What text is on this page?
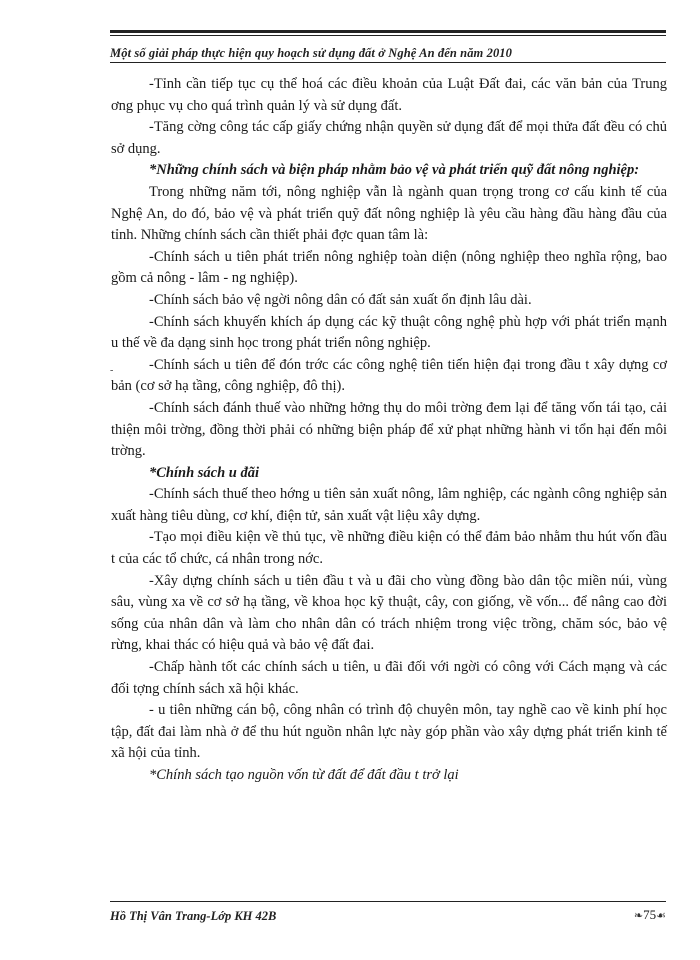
Một số giải pháp thực hiện quy hoạch sử dụng đất ở Nghệ An đến năm 2010
-

-Tỉnh cần tiếp tục cụ thể hoá các điều khoản của Luật Đất đai, các văn bản của Trung ơng phục vụ cho quá trình quản lý và sử dụng đất.

-Tăng cờng công tác cấp giấy chứng nhận quyền sử dụng đất để mọi thửa đất đều có chủ sở dụng.

*Những chính sách và biện pháp nhằm bảo vệ và phát triển quỹ đất nông nghiệp:

Trong những năm tới, nông nghiệp vẫn là ngành quan trọng trong cơ cấu kinh tế của Nghệ An, do đó, bảo vệ và phát triển quỹ đất nông nghiệp là yêu cầu hàng đầu hàng đầu của tỉnh. Những chính sách cần thiết phải đợc quan tâm là:

-Chính sách u tiên phát triển nông nghiệp toàn diện (nông nghiệp theo nghĩa rộng, bao gồm cả nông - lâm - ng nghiệp).

-Chính sách bảo vệ ngời nông dân có đất sản xuất ổn định lâu dài.

-Chính sách khuyến khích áp dụng các kỹ thuật công nghệ phù hợp với phát triển mạnh u thế về đa dạng sinh học trong phát triển nông nghiệp.

-Chính sách u tiên để đón trớc các công nghệ tiên tiến hiện đại trong đầu t xây dựng cơ bản (cơ sở hạ tầng, công nghiệp, đô thị).

-Chính sách đánh thuế vào những hởng thụ do môi trờng đem lại để tăng vốn tái tạo, cải thiện môi trờng, đồng thời phải có những biện pháp để xử phạt những hành vi tổn hại đến môi trờng.

*Chính sách u đãi

-Chính sách thuế theo hớng u tiên sản xuất nông, lâm nghiệp, các ngành công nghiệp sản xuất hàng tiêu dùng, cơ khí, điện tử, sản xuất vật liệu xây dựng.

-Tạo mọi điều kiện về thủ tục, về những điều kiện có thể đảm bảo nhằm thu hút vốn đầu t của các tổ chức, cá nhân trong nớc.

-Xây dựng chính sách u tiên đầu t và u đãi cho vùng đồng bào dân tộc miền núi, vùng sâu, vùng xa về cơ sở hạ tầng, về khoa học kỹ thuật, cây, con giống, về vốn... để nâng cao đời sống của nhân dân và làm cho nhân dân có trách nhiệm trong việc trồng, chăm sóc, bảo vệ rừng, khai thác có hiệu quả và bảo vệ đất đai.

-Chấp hành tốt các chính sách u tiên, u đãi đối với ngời có công với Cách mạng và các đối tợng chính sách xã hội khác.

- u tiên những cán bộ, công nhân có trình độ chuyên môn, tay nghề cao về kinh phí học tập, đất đai làm nhà ở để thu hút nguồn nhân lực này góp phần vào xây dựng phát triển kinh tế xã hội của tỉnh.

*Chính sách tạo nguồn vốn từ đất để đất đầu t trở lại

Hồ Thị Vân Trang-Lớp KH 42B	❧75☙
